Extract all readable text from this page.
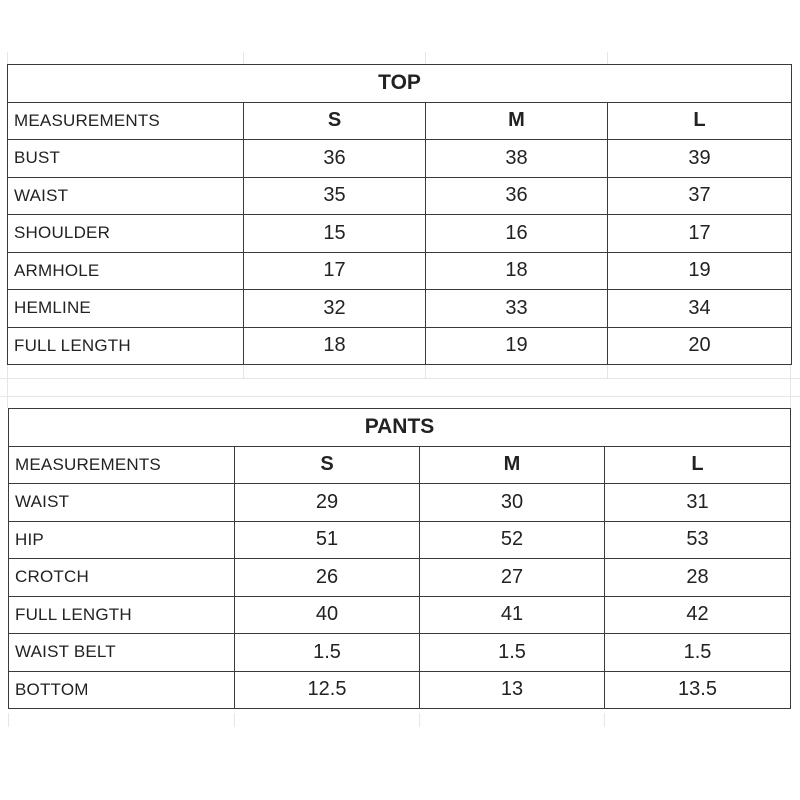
TOP			
MEASUREMENTS	S	M	L
BUST	36	38	39
WAIST	35	36	37
SHOULDER	15	16	17
ARMHOLE	17	18	19
HEMLINE	32	33	34
FULL LENGTH	18	19	20
PANTS			
MEASUREMENTS	S	M	L
WAIST	29	30	31
HIP	51	52	53
CROTCH	26	27	28
FULL LENGTH	40	41	42
WAIST BELT	1.5	1.5	1.5
BOTTOM	12.5	13	13.5
